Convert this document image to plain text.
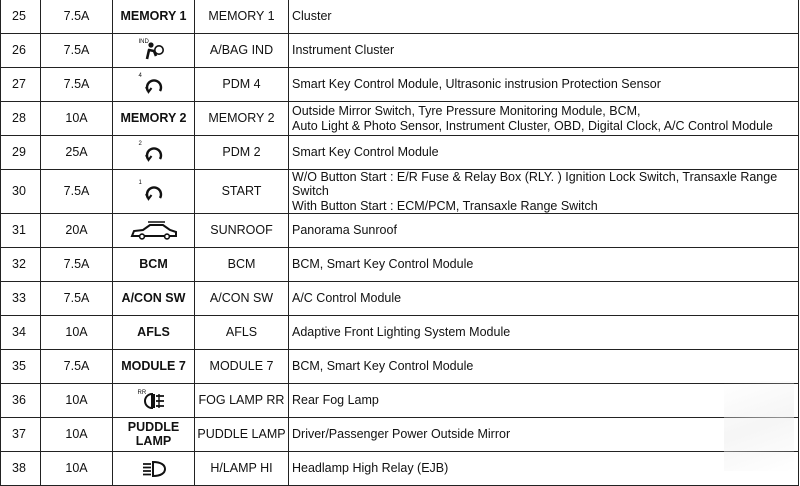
25	7.5A	MEMORY 1	MEMORY 1	Cluster

26	7.5A	IND	A/BAG IND	Instrument Cluster

27	7.5A	4	PDM 4	Smart Key Control Module, Ultrasonic instrusion Protection Sensor

28	10A	MEMORY 2	MEMORY 2	Outside Mirror Switch, Tyre Pressure Monitoring Module, BCM,
Auto Light & Photo Sensor, Instrument Cluster, OBD, Digital Clock, A/C Control Module

29	25A	2	PDM 2	Smart Key Control Module

30	7.5A	1	START	W/O Button Start : E/R Fuse & Relay Box (RLY. ) Ignition Lock Switch, Transaxle Range Switch
With Button Start : ECM/PCM, Transaxle Range Switch

31	20A		SUNROOF	Panorama Sunroof

32	7.5A	BCM	BCM	BCM, Smart Key Control Module

33	7.5A	A/CON SW	A/CON SW	A/C Control Module

34	10A	AFLS	AFLS	Adaptive Front Lighting System Module

35	7.5A	MODULE 7	MODULE 7	BCM, Smart Key Control Module

36	10A	RR	FOG LAMP RR	Rear Fog Lamp

37	10A	PUDDLE LAMP	PUDDLE LAMP	Driver/Passenger Power Outside Mirror

38	10A		H/LAMP HI	Headlamp High Relay (EJB)
